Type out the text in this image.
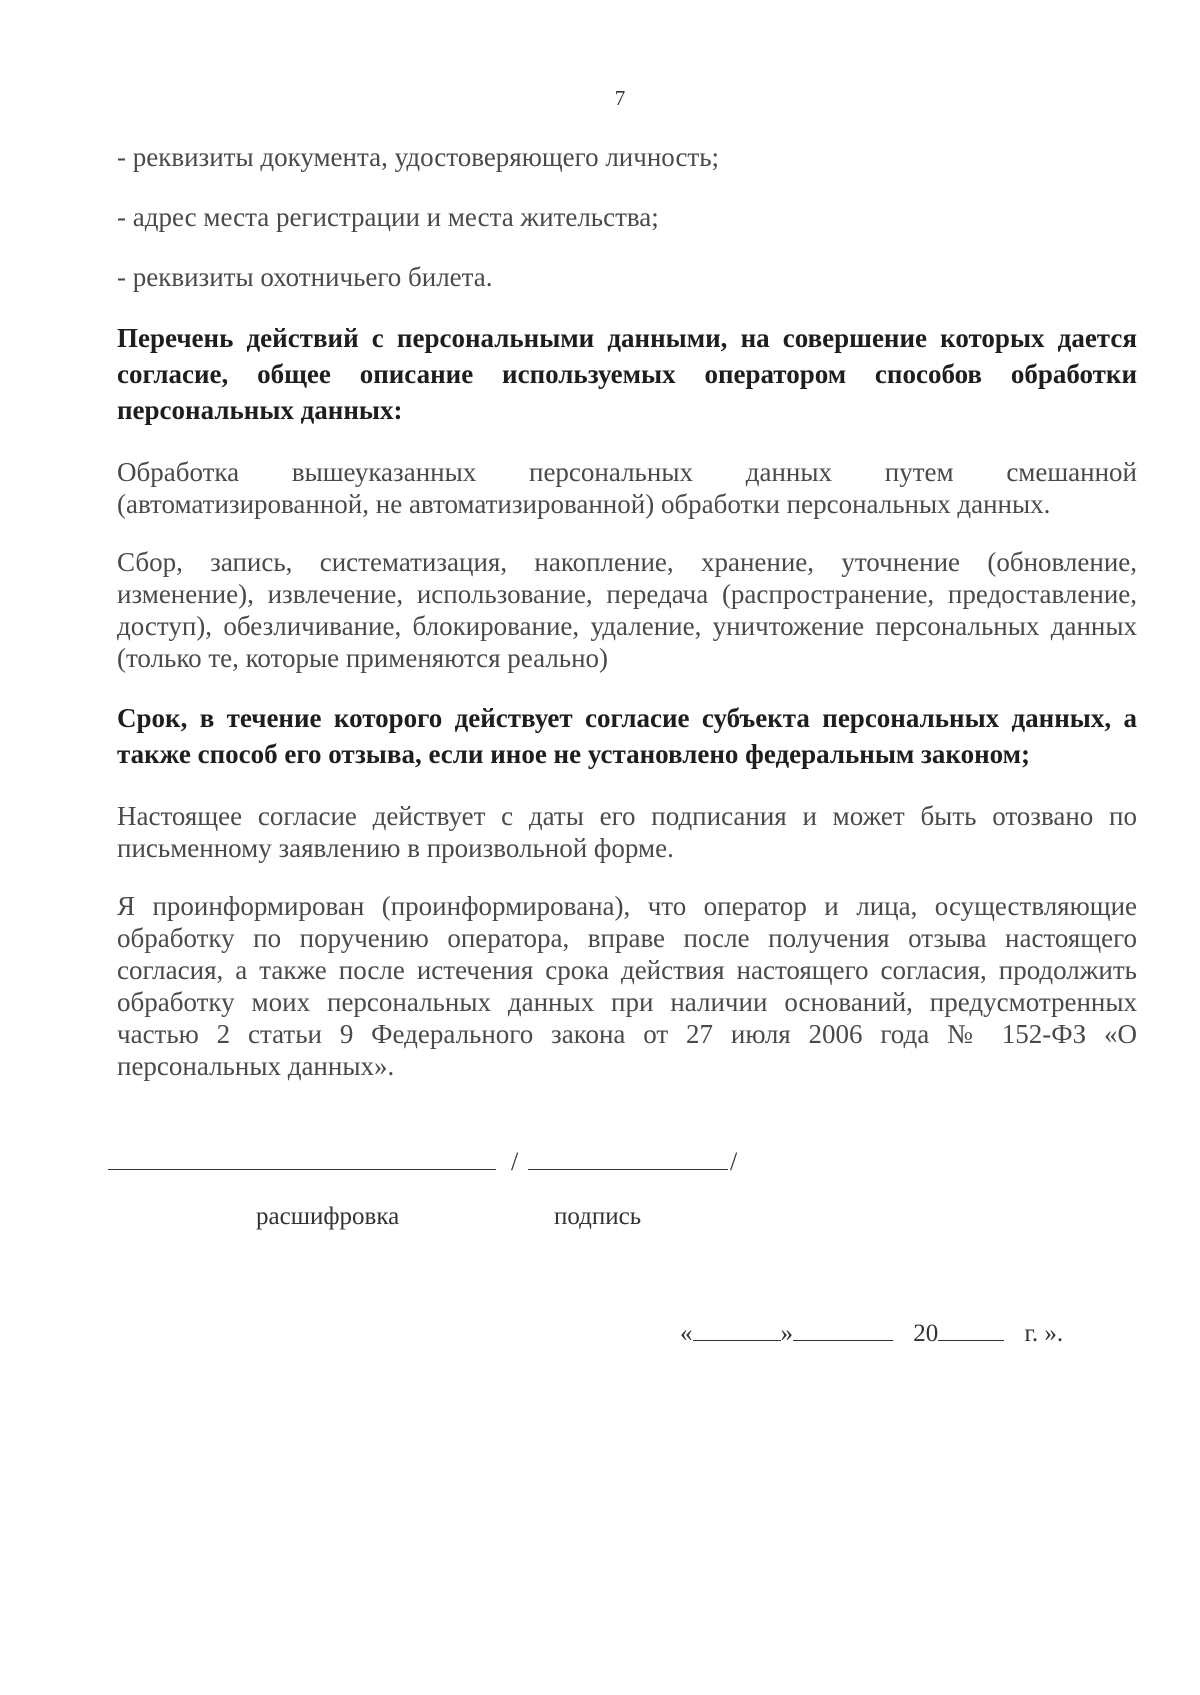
7

- реквизиты документа, удостоверяющего личность;

- адрес места регистрации и места жительства;

- реквизиты охотничьего билета.

Перечень действий с персональными данными, на совершение которых дается согласие, общее описание используемых оператором способов обработки персональных данных:

Обработка вышеуказанных персональных данных путем смешанной (автоматизированной, не автоматизированной) обработки персональных данных.

Сбор, запись, систематизация, накопление, хранение, уточнение (обновление, изменение), извлечение, использование, передача (распространение, предоставление, доступ), обезличивание, блокирование, удаление, уничтожение персональных данных (только те, которые применяются реально)

Срок, в течение которого действует согласие субъекта персональных данных, а также способ его отзыва, если иное не установлено федеральным законом;

Настоящее согласие действует с даты его подписания и может быть отозвано по письменному заявлению в произвольной форме.

Я проинформирован (проинформирована), что оператор и лица, осуществляющие обработку по поручению оператора, вправе после получения отзыва настоящего согласия, а также после истечения срока действия настоящего согласия, продолжить обработку моих персональных данных при наличии оснований, предусмотренных частью 2 статьи 9 Федерального закона от 27 июля 2006 года № 152-ФЗ «О персональных данных».

/	/
расшифровка	подпись
«	»	20	г. ».
